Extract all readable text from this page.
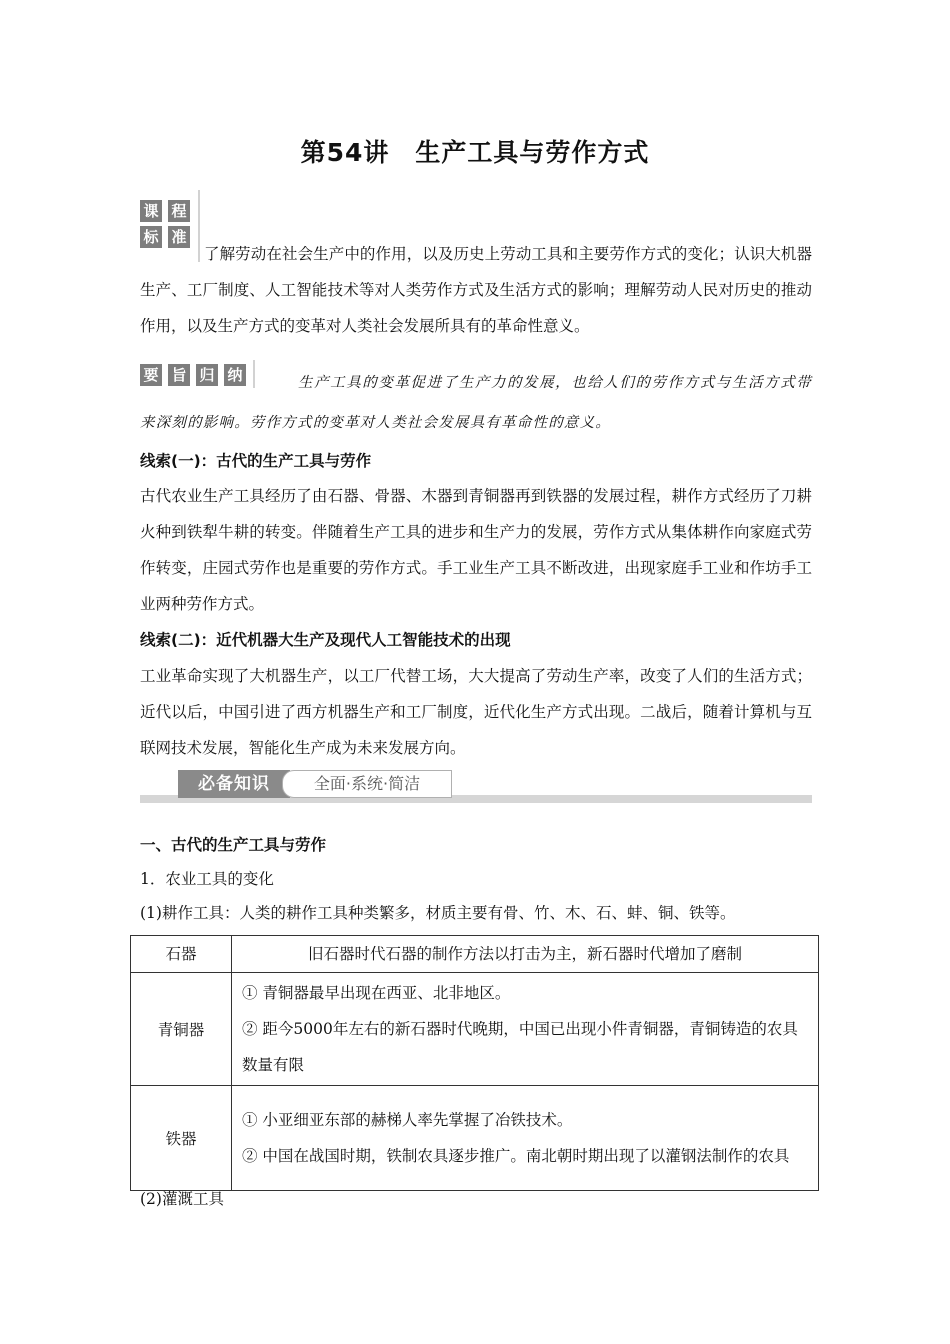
第54讲　生产工具与劳作方式
课 程
标 准
了解劳动在社会生产中的作用，以及历史上劳动工具和主要劳作方式的变化；认识大机器生产、工厂制度、人工智能技术等对人类劳作方式及生活方式的影响；理解劳动人民对历史的推动作用，以及生产方式的变革对人类社会发展所具有的革命性意义。
要 旨 归 纳	生产工具的变革促进了生产力的发展，也给人们的劳作方式与生活方式带来深刻的影响。劳作方式的变革对人类社会发展具有革命性的意义。
线索(一)：古代的生产工具与劳作
古代农业生产工具经历了由石器、骨器、木器到青铜器再到铁器的发展过程，耕作方式经历了刀耕火种到铁犁牛耕的转变。伴随着生产工具的进步和生产力的发展，劳作方式从集体耕作向家庭式劳作转变，庄园式劳作也是重要的劳作方式。手工业生产工具不断改进，出现家庭手工业和作坊手工业两种劳作方式。
线索(二)：近代机器大生产及现代人工智能技术的出现
工业革命实现了大机器生产，以工厂代替工场，大大提高了劳动生产率，改变了人们的生活方式；近代以后，中国引进了西方机器生产和工厂制度，近代化生产方式出现。二战后，随着计算机与互联网技术发展，智能化生产成为未来发展方向。
必备知识	全面·系统·简洁
一、古代的生产工具与劳作
1．农业工具的变化
(1)耕作工具：人类的耕作工具种类繁多，材质主要有骨、竹、木、石、蚌、铜、铁等。
石器	旧石器时代石器的制作方法以打击为主，新石器时代增加了磨制
青铜器	① 青铜器最早出现在西亚、北非地区。
② 距今5000年左右的新石器时代晚期，中国已出现小件青铜器，青铜铸造的农具数量有限

铁器	① 小亚细亚东部的赫梯人率先掌握了冶铁技术。
② 中国在战国时期，铁制农具逐步推广。南北朝时期出现了以灌钢法制作的农具
(2)灌溉工具
